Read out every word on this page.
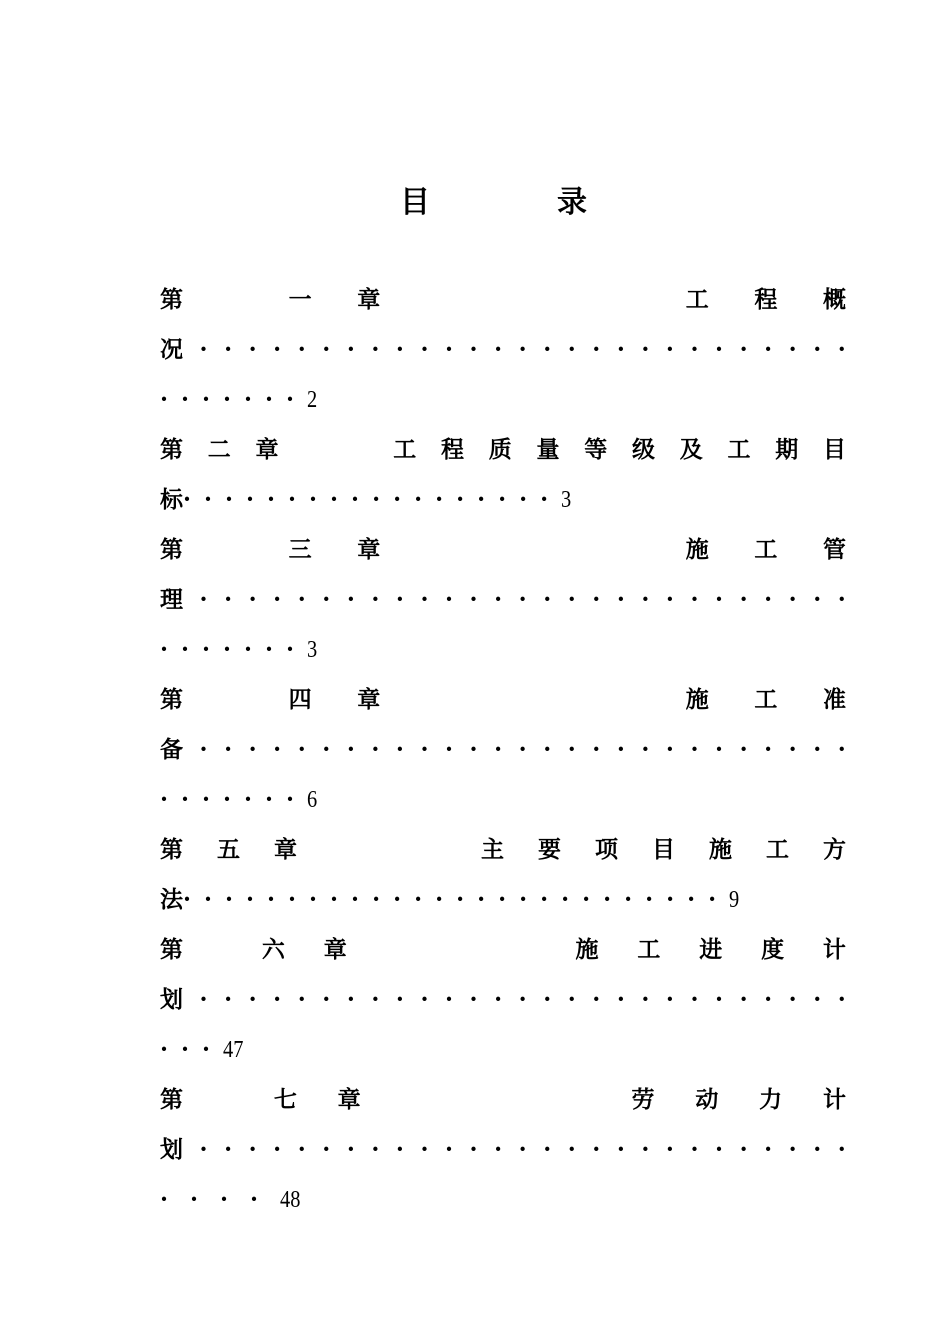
目	录
第	一 章	工 程 概
况 · · · · · · · · · · · · · · · · · · · · · · · · · · ·
·······2
第 二 章	工 程 质 量 等 级 及 工 期 目
标··················3
第	三 章	施 工 管
理 · · · · · · · · · · · · · · · · · · · · · · · · · · ·
·······3
第	四 章	施 工 准
备 · · · · · · · · · · · · · · · · · · · · · · · · · · ·
·······6
第 五 章	主 要 项 目 施 工 方
法··························9
第	六 章	施 工 进 度 计
划 · · · · · · · · · · · · · · · · · · · · · · · · · · ·
···47
第	七 章	劳 动 力 计
划 · · · · · · · · · · · · · · · · · · · · · · · · · · ·
····48
